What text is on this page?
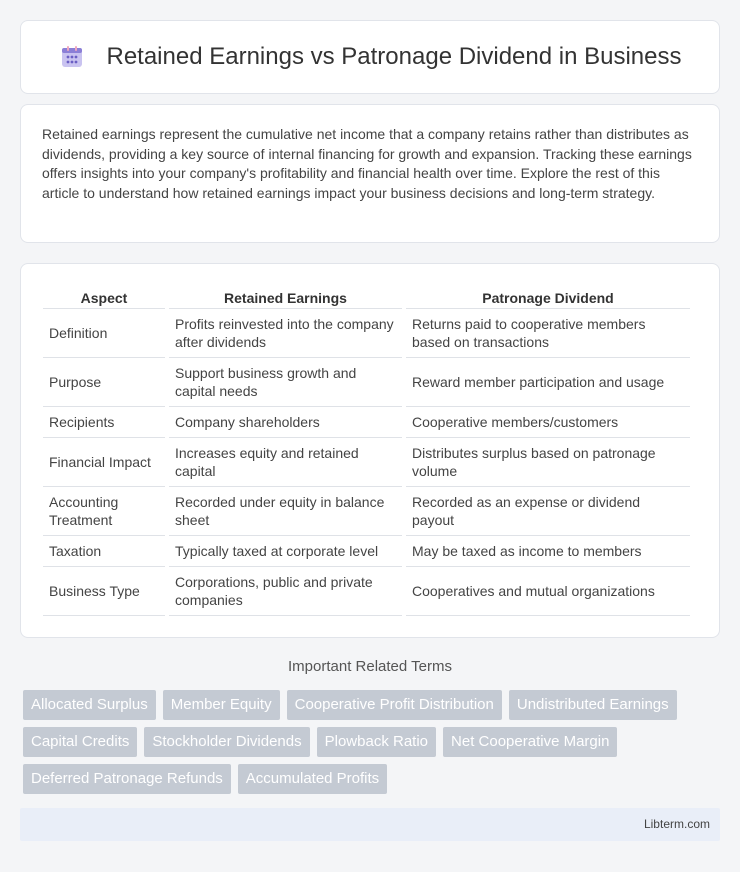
Retained Earnings vs Patronage Dividend in Business

Retained earnings represent the cumulative net income that a company retains rather than distributes as dividends, providing a key source of internal financing for growth and expansion. Tracking these earnings offers insights into your company's profitability and financial health over time. Explore the rest of this article to understand how retained earnings impact your business decisions and long-term strategy.

Aspect	Retained Earnings	Patronage Dividend
Definition	Profits reinvested into the company after dividends	Returns paid to cooperative members based on transactions
Purpose	Support business growth and capital needs	Reward member participation and usage
Recipients	Company shareholders	Cooperative members/customers
Financial Impact	Increases equity and retained capital	Distributes surplus based on patronage volume
Accounting Treatment	Recorded under equity in balance sheet	Recorded as an expense or dividend payout
Taxation	Typically taxed at corporate level	May be taxed as income to members
Business Type	Corporations, public and private companies	Cooperatives and mutual organizations
Important Related Terms
Allocated Surplus	Member Equity	Cooperative Profit Distribution	Undistributed Earnings
Capital Credits	Stockholder Dividends	Plowback Ratio	Net Cooperative Margin
Deferred Patronage Refunds	Accumulated Profits
Libterm.com
